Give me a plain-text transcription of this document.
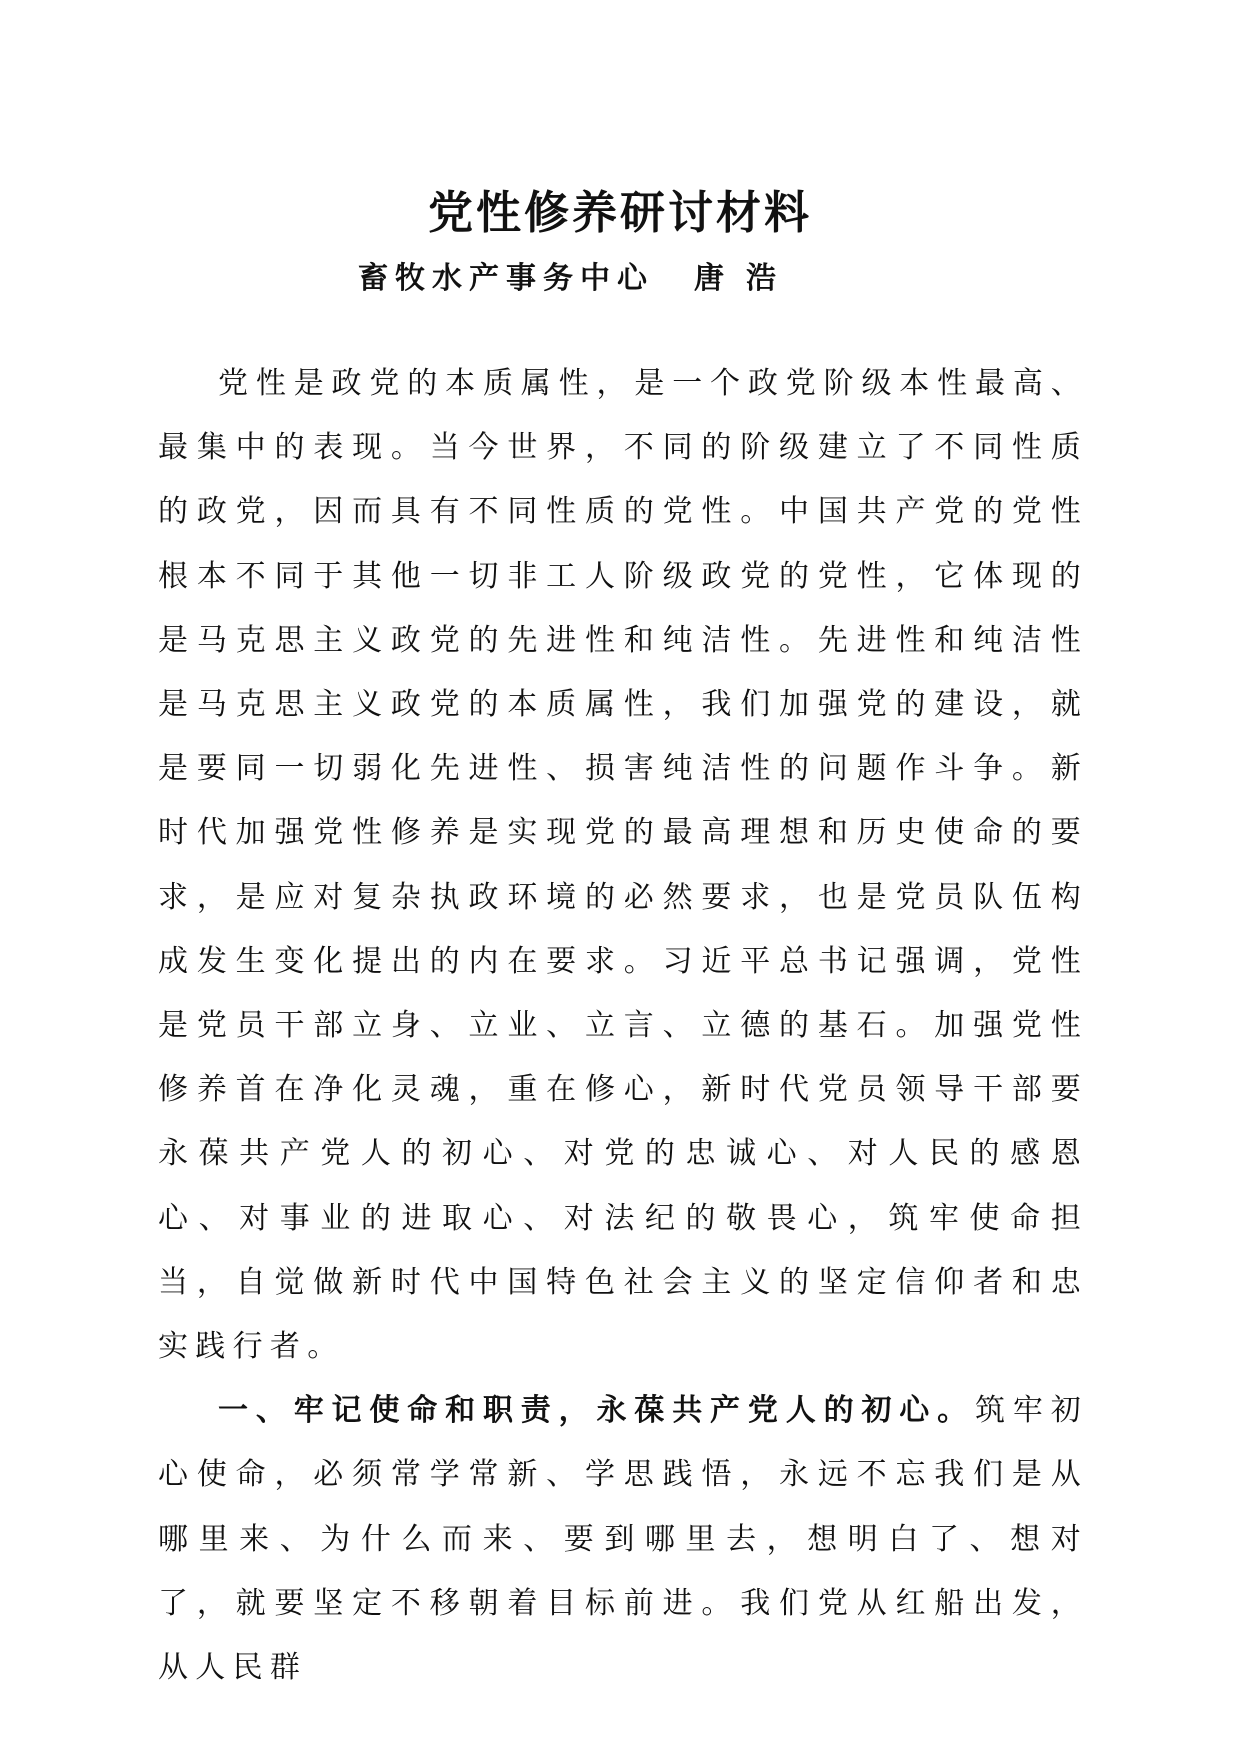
党性修养研讨材料
畜牧水产事务中心 唐浩

党性是政党的本质属性，是一个政党阶级本性最高、最集中的表现。当今世界，不同的阶级建立了不同性质的政党，因而具有不同性质的党性。中国共产党的党性根本不同于其他一切非工人阶级政党的党性，它体现的是马克思主义政党的先进性和纯洁性。先进性和纯洁性是马克思主义政党的本质属性，我们加强党的建设，就是要同一切弱化先进性、损害纯洁性的问题作斗争。新时代加强党性修养是实现党的最高理想和历史使命的要求，是应对复杂执政环境的必然要求，也是党员队伍构成发生变化提出的内在要求。习近平总书记强调，党性是党员干部立身、立业、立言、立德的基石。加强党性修养首在净化灵魂，重在修心，新时代党员领导干部要永葆共产党人的初心、对党的忠诚心、对人民的感恩心、对事业的进取心、对法纪的敬畏心，筑牢使命担当，自觉做新时代中国特色社会主义的坚定信仰者和忠实践行者。

一、牢记使命和职责，永葆共产党人的初心。筑牢初心使命，必须常学常新、学思践悟，永远不忘我们是从哪里来、为什么而来、要到哪里去，想明白了、想对了，就要坚定不移朝着目标前进。我们党从红船出发，从人民群
